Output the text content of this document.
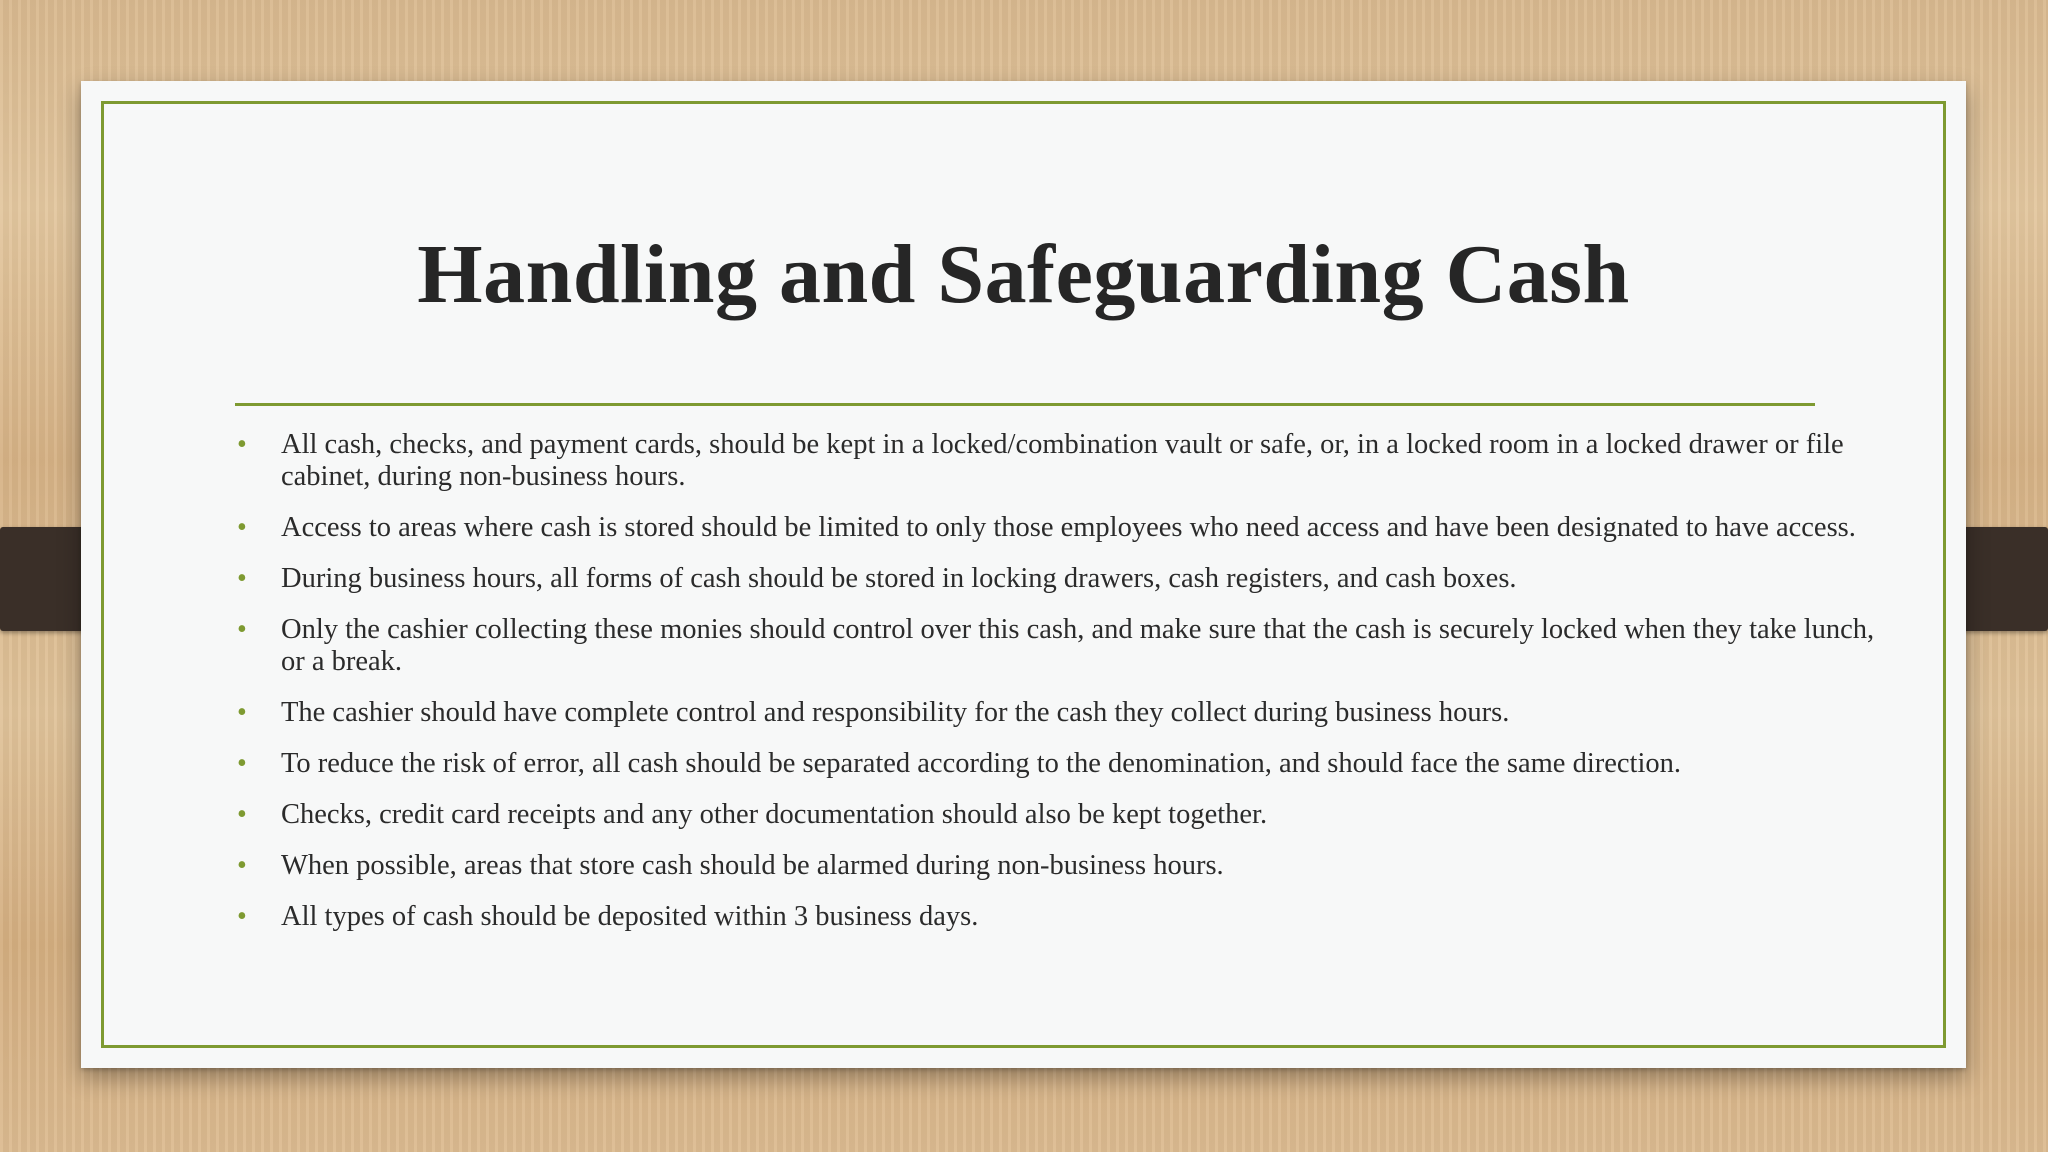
Handling and Safeguarding Cash
• All cash, checks, and payment cards, should be kept in a locked/combination vault or safe, or, in a locked room in a locked drawer or file cabinet, during non-business hours.
• Access to areas where cash is stored should be limited to only those employees who need access and have been designated to have access.
• During business hours, all forms of cash should be stored in locking drawers, cash registers, and cash boxes.
• Only the cashier collecting these monies should control over this cash, and make sure that the cash is securely locked when they take lunch, or a break.
• The cashier should have complete control and responsibility for the cash they collect during business hours.
• To reduce the risk of error, all cash should be separated according to the denomination, and should face the same direction.
• Checks, credit card receipts and any other documentation should also be kept together.
• When possible, areas that store cash should be alarmed during non-business hours.
• All types of cash should be deposited within 3 business days.
